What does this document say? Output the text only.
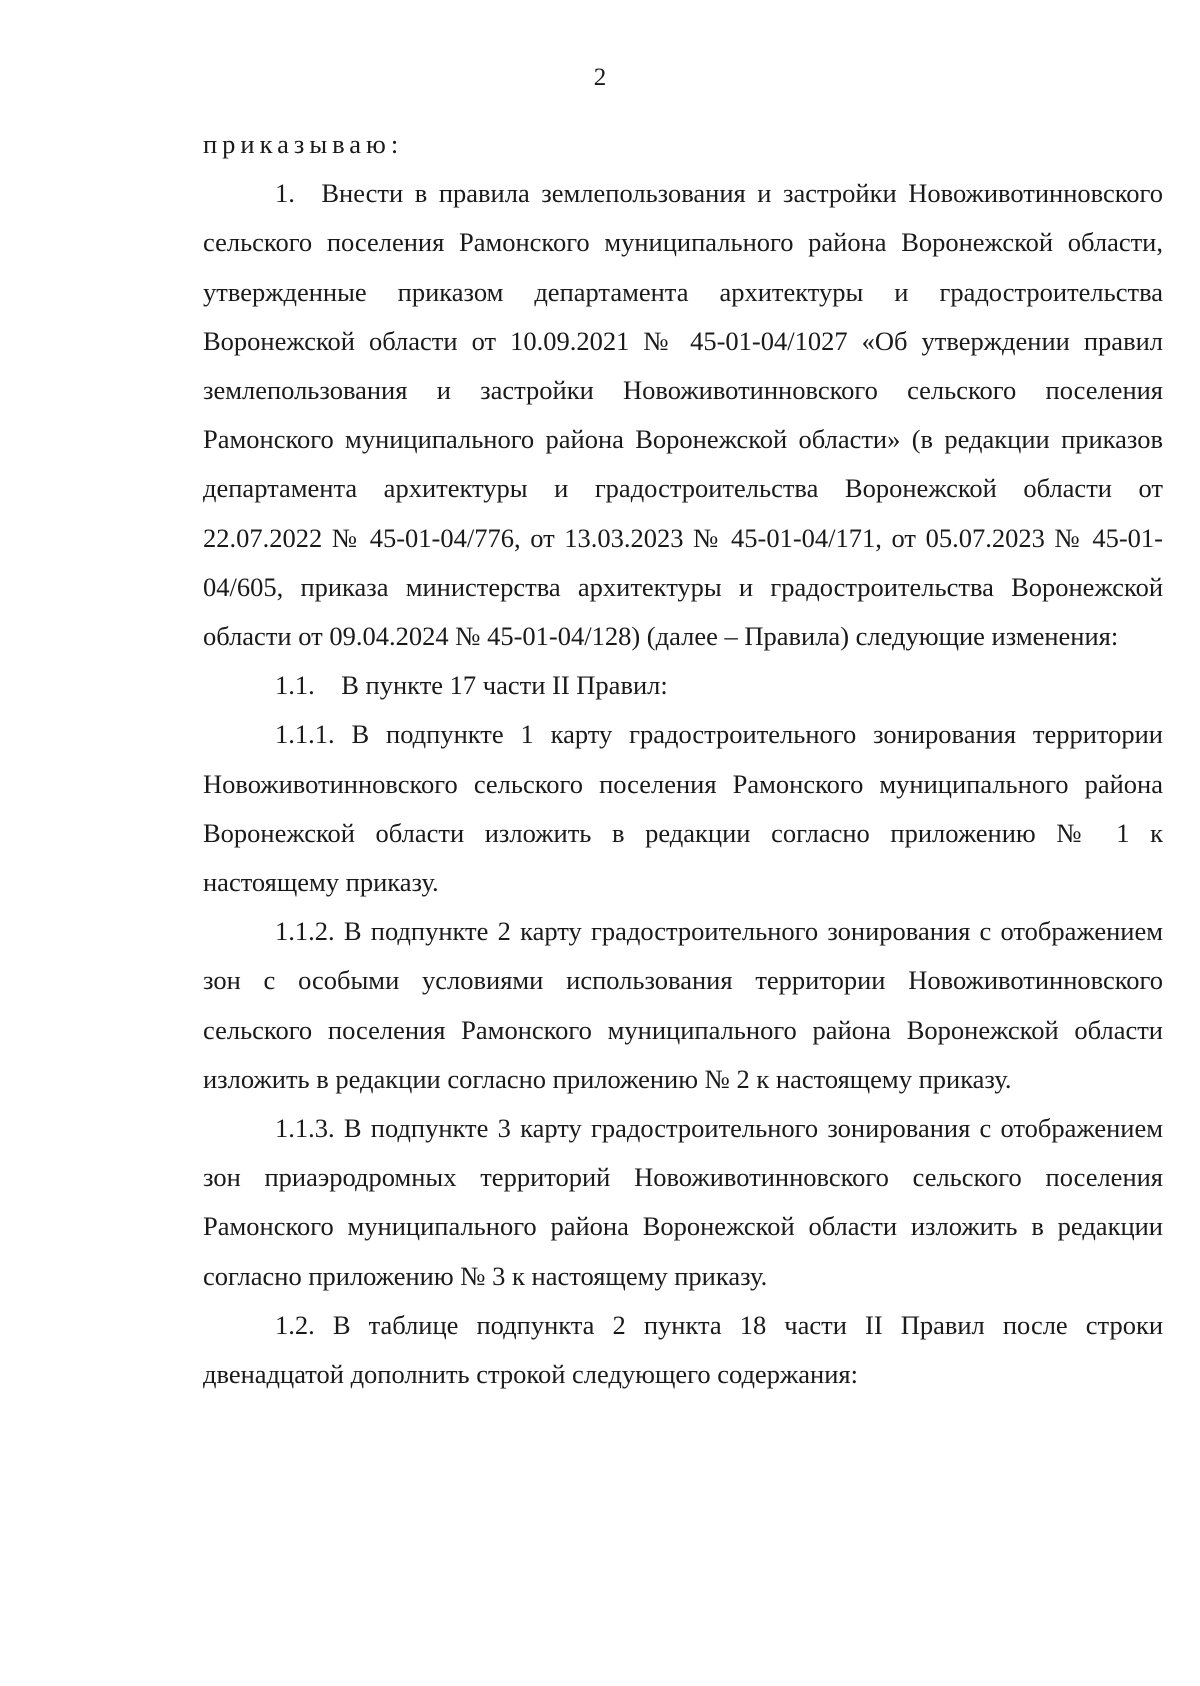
2

приказываю:

1. Внести в правила землепользования и застройки Новоживотинновского сельского поселения Рамонского муниципального района Воронежской области, утвержденные приказом департамента архитектуры и градостроительства Воронежской области от 10.09.2021 № 45-01-04/1027 «Об утверждении правил землепользования и застройки Новоживотинновского сельского поселения Рамонского муниципального района Воронежской области» (в редакции приказов департамента архитектуры и градостроительства Воронежской области от 22.07.2022 № 45-01-04/776, от 13.03.2023 № 45-01-04/171, от 05.07.2023 № 45-01-04/605, приказа министерства архитектуры и градостроительства Воронежской области от 09.04.2024 № 45-01-04/128) (далее – Правила) следующие изменения:

1.1. В пункте 17 части II Правил:

1.1.1. В подпункте 1 карту градостроительного зонирования территории Новоживотинновского сельского поселения Рамонского муниципального района Воронежской области изложить в редакции согласно приложению № 1 к настоящему приказу.

1.1.2. В подпункте 2 карту градостроительного зонирования с отображением зон с особыми условиями использования территории Новоживотинновского сельского поселения Рамонского муниципального района Воронежской области изложить в редакции согласно приложению № 2 к настоящему приказу.

1.1.3. В подпункте 3 карту градостроительного зонирования с отображением зон приаэродромных территорий Новоживотинновского сельского поселения Рамонского муниципального района Воронежской области изложить в редакции согласно приложению № 3 к настоящему приказу.

1.2. В таблице подпункта 2 пункта 18 части II Правил после строки двенадцатой дополнить строкой следующего содержания:
